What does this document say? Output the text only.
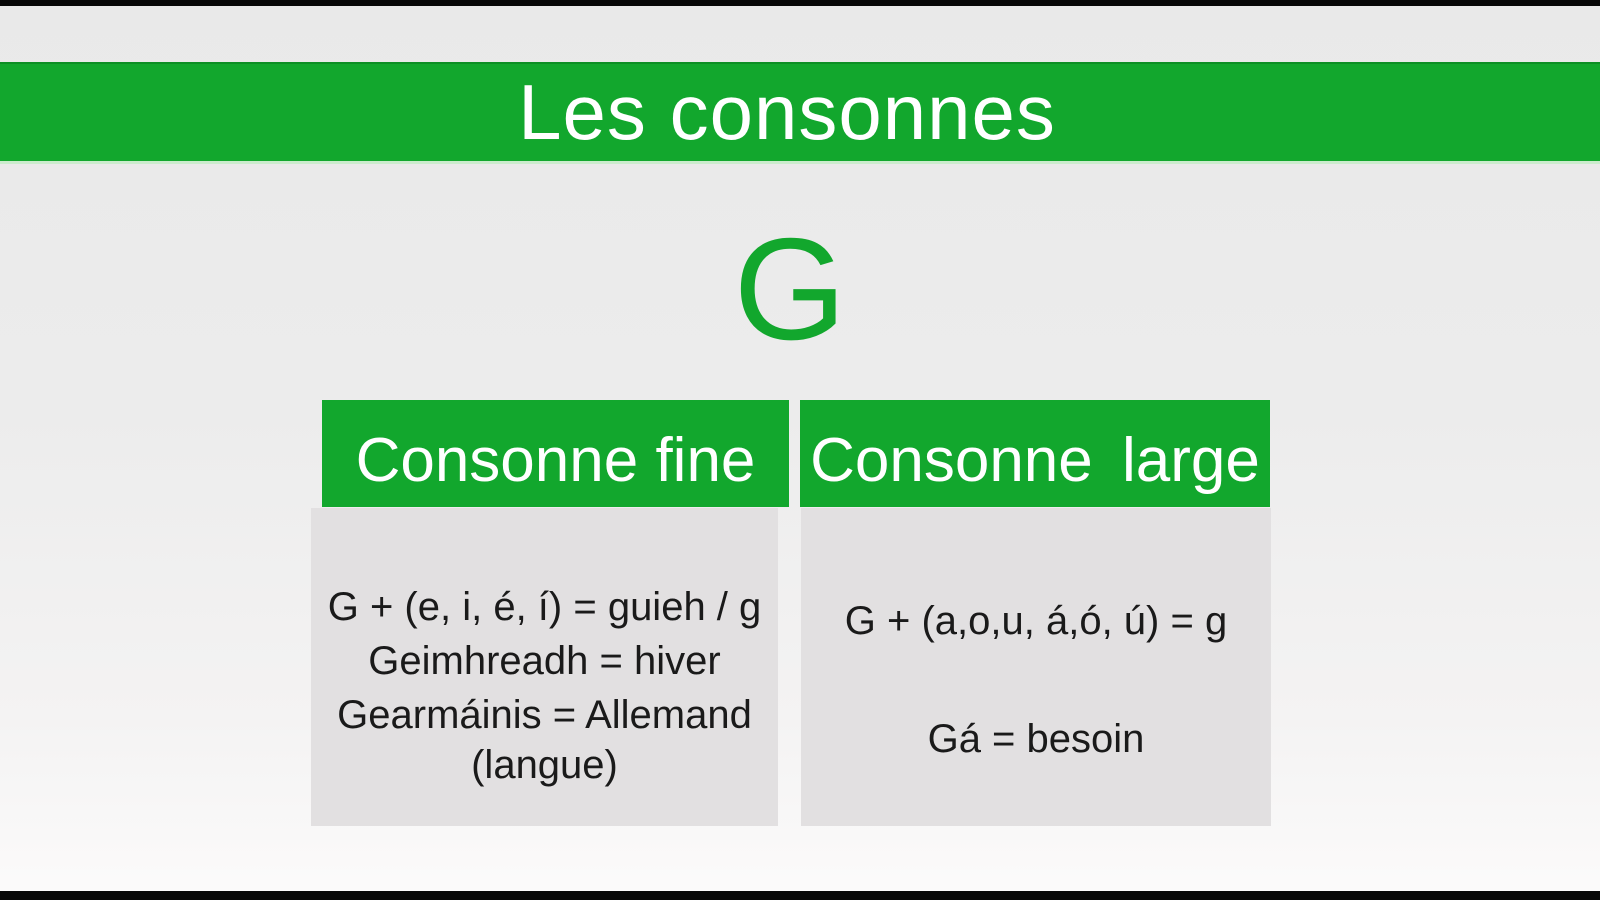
Les consonnes
G
Consonne fine Consonne large
G + (e, i, é, í) = guieh / g
Geimhreadh = hiver
Gearmáinis = Allemand
(langue)
G + (a,o,u, á,ó, ú) = g
Gá = besoin
